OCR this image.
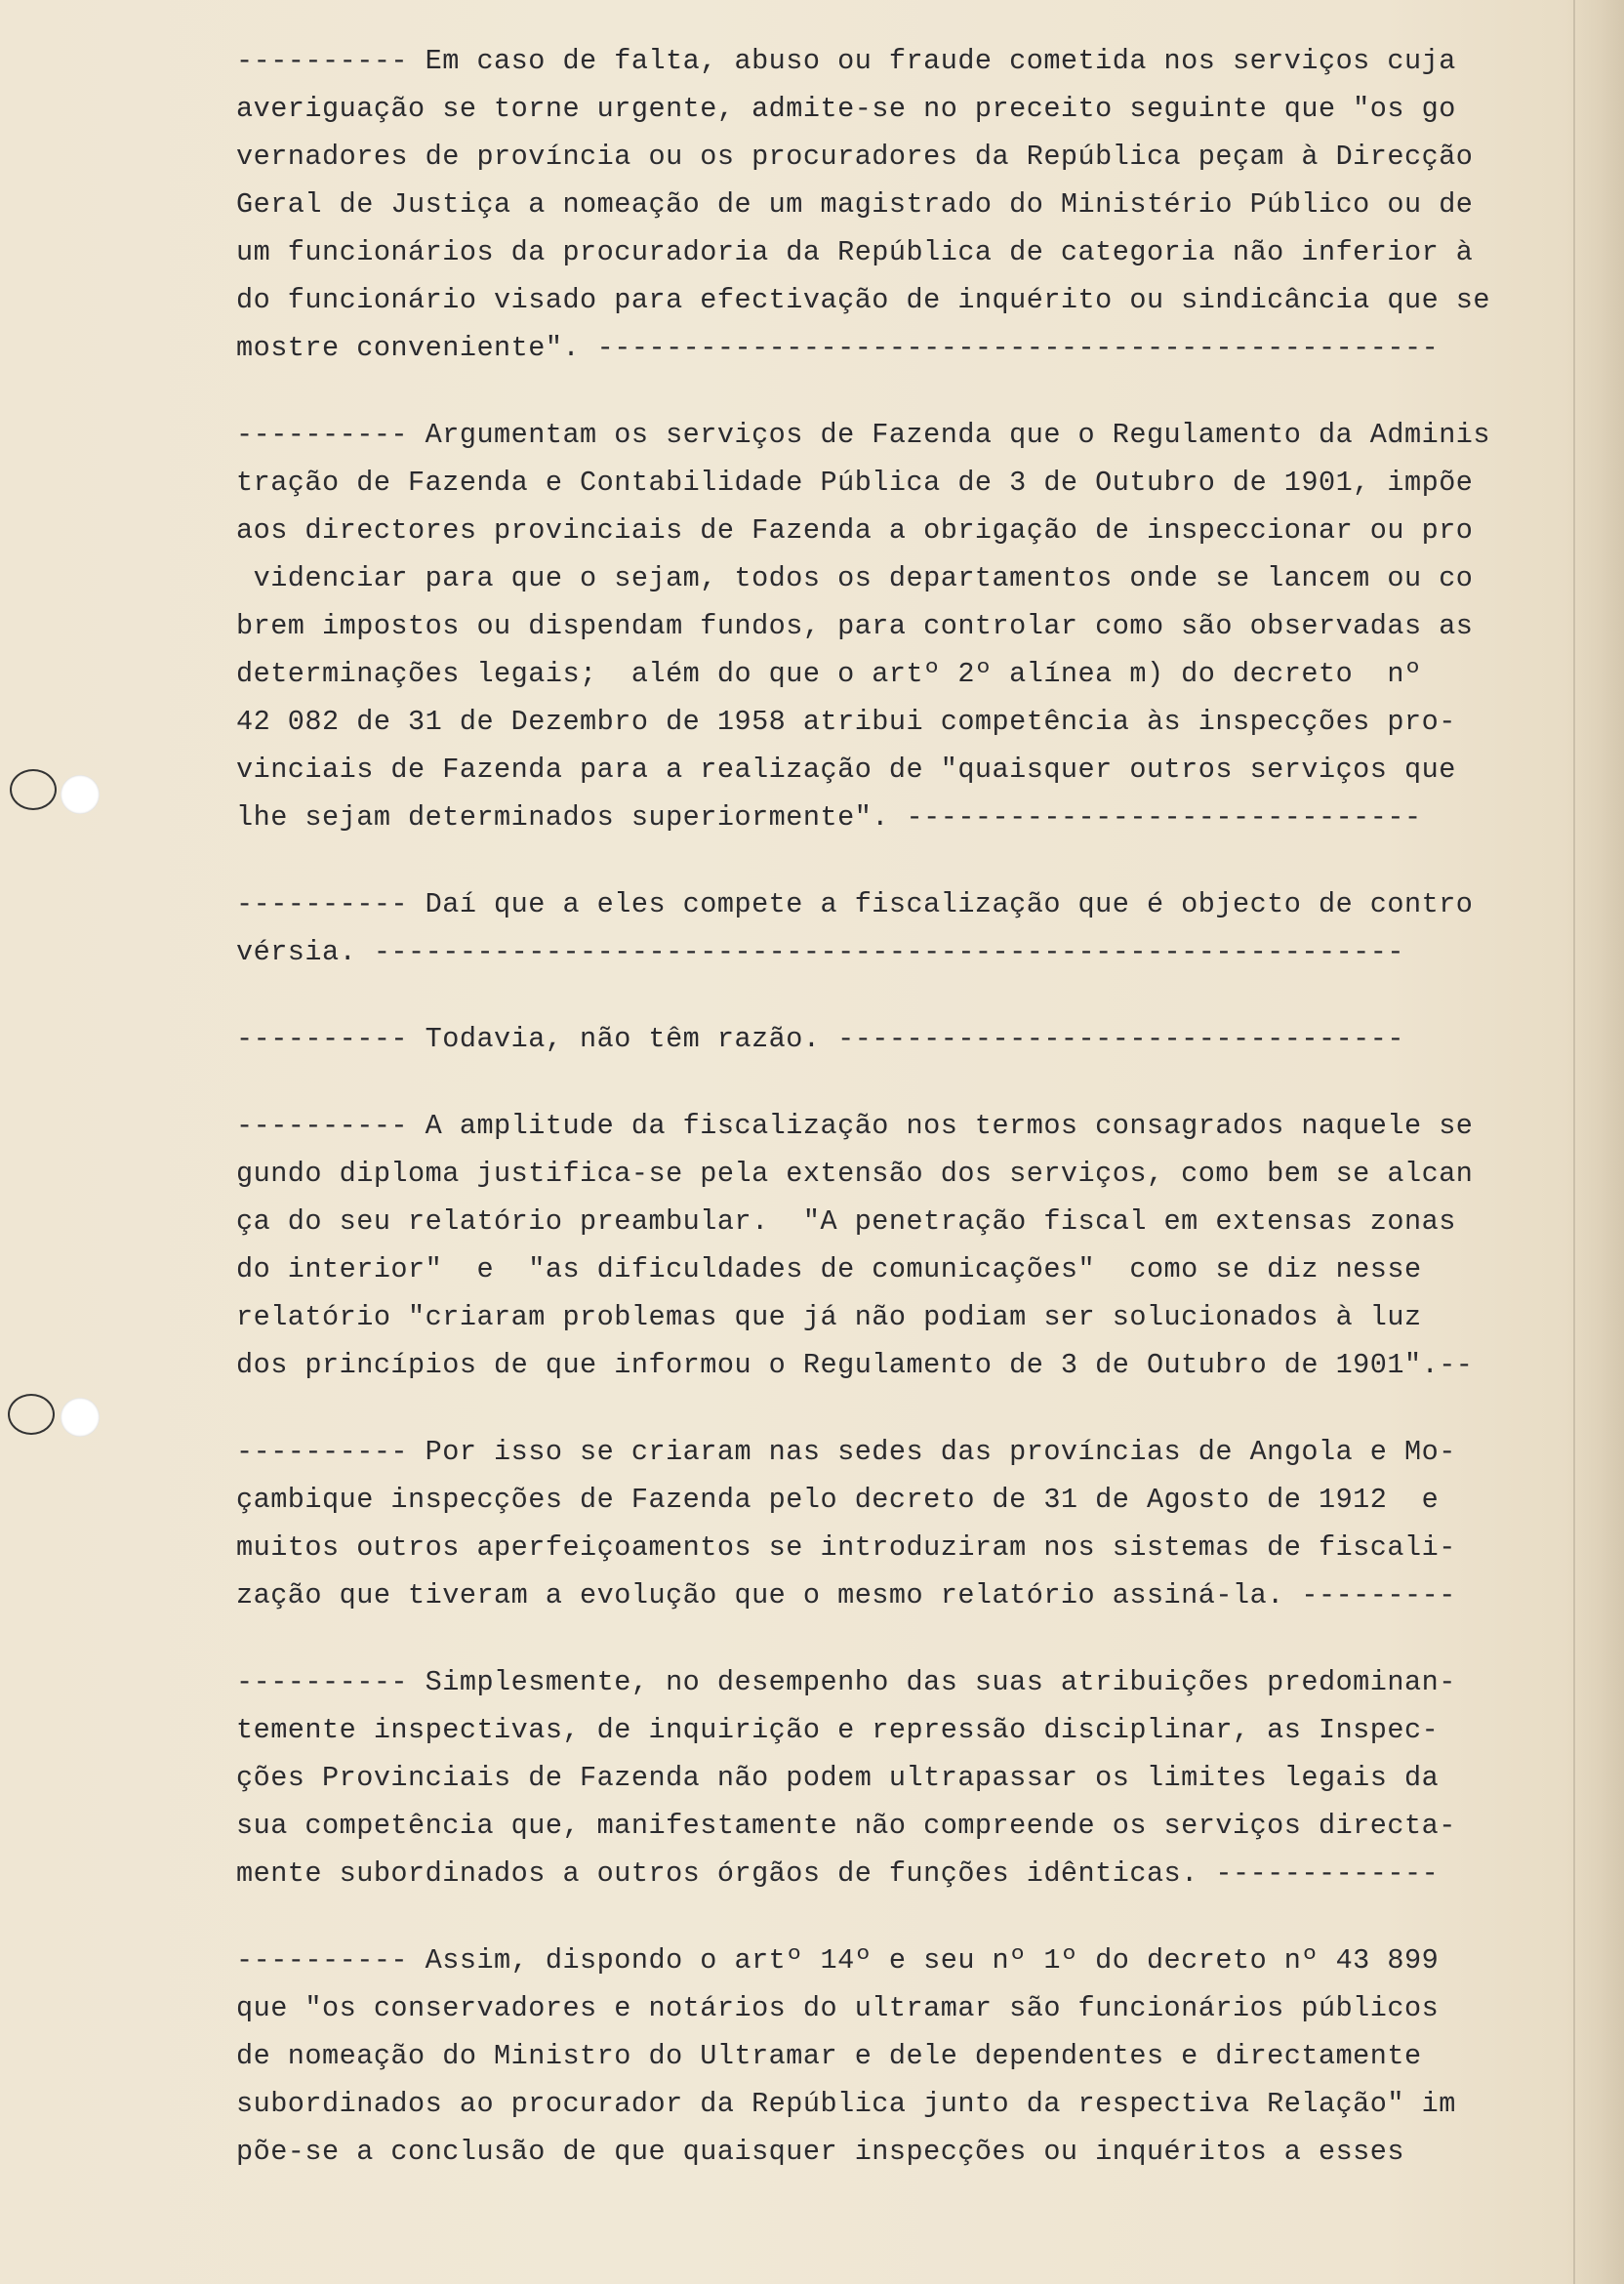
---------- Em caso de falta, abuso ou fraude cometida nos serviços cuja
averiguação se torne urgente, admite-se no preceito seguinte que "os go
vernadores de província ou os procuradores da República peçam à Direcção
Geral de Justiça a nomeação de um magistrado do Ministério Público ou de
um funcionários da procuradoria da República de categoria não inferior à
do funcionário visado para efectivação de inquérito ou sindicância que se
mostre conveniente". -------------------------------------------------
---------- Argumentam os serviços de Fazenda que o Regulamento da Adminis
tração de Fazenda e Contabilidade Pública de 3 de Outubro de 1901, impõe
aos directores provinciais de Fazenda a obrigação de inspeccionar ou pro
videnciar para que o sejam, todos os departamentos onde se lancem ou co
brem impostos ou dispendam fundos, para controlar como são observadas as
determinações legais;  além do que o artº 2º alínea m) do decreto  nº
42 082 de 31 de Dezembro de 1958 atribui competência às inspecções pro-
vinciais de Fazenda para a realização de "quaisquer outros serviços que
lhe sejam determinados superiormente". ------------------------------
---------- Daí que a eles compete a fiscalização que é objecto de contro
vérsia. ------------------------------------------------------------
---------- Todavia, não têm razão. ---------------------------------
---------- A amplitude da fiscalização nos termos consagrados naquele se
gundo diploma justifica-se pela extensão dos serviços, como bem se alcan
ça do seu relatório preambular.  "A penetração fiscal em extensas zonas
do interior"  e  "as dificuldades de comunicações"  como se diz nesse
relatório "criaram problemas que já não podiam ser solucionados à luz
dos princípios de que informou o Regulamento de 3 de Outubro de 1901".--
---------- Por isso se criaram nas sedes das províncias de Angola e Mo-
çambique inspecções de Fazenda pelo decreto de 31 de Agosto de 1912  e
muitos outros aperfeiçoamentos se introduziram nos sistemas de fiscali-
zação que tiveram a evolução que o mesmo relatório assiná-la. ---------
---------- Simplesmente, no desempenho das suas atribuições predominan-
temente inspectivas, de inquirição e repressão disciplinar, as Inspec-
ções Provinciais de Fazenda não podem ultrapassar os limites legais da
sua competência que, manifestamente não compreende os serviços directa-
mente subordinados a outros órgãos de funções idênticas. -------------
---------- Assim, dispondo o artº 14º e seu nº 1º do decreto nº 43 899
que "os conservadores e notários do ultramar são funcionários públicos
de nomeação do Ministro do Ultramar e dele dependentes e directamente
subordinados ao procurador da República junto da respectiva Relação" im
põe-se a conclusão de que quaisquer inspecções ou inquéritos a esses
